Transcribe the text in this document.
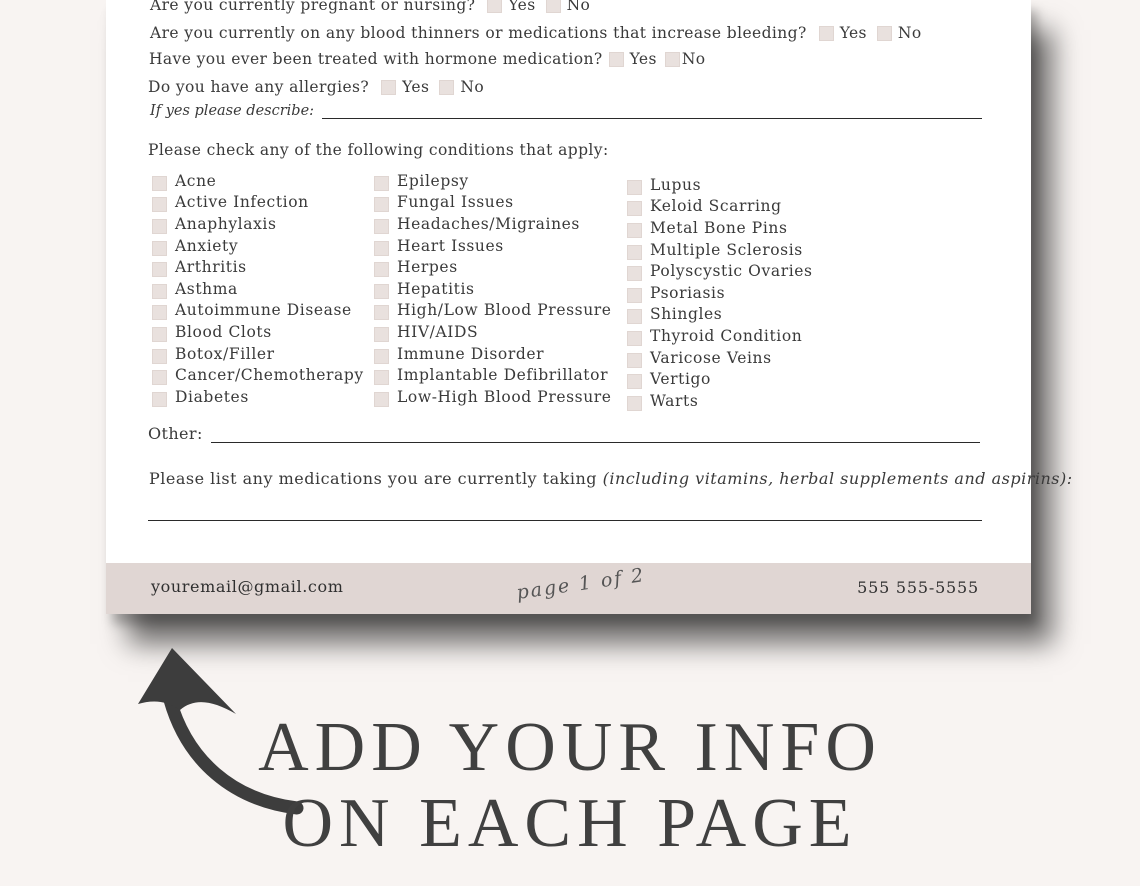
Are you currently pregnant or nursing? Yes No
Are you currently on any blood thinners or medications that increase bleeding? Yes No
Have you ever been treated with hormone medication? Yes No
Do you have any allergies? Yes No
If yes please describe:
Please check any of the following conditions that apply:
Acne
Active Infection
Anaphylaxis
Anxiety
Arthritis
Asthma
Autoimmune Disease
Blood Clots
Botox/Filler
Cancer/Chemotherapy
Diabetes
Epilepsy
Fungal Issues
Headaches/Migraines
Heart Issues
Herpes
Hepatitis
High/Low Blood Pressure
HIV/AIDS
Immune Disorder
Implantable Defibrillator
Low-High Blood Pressure
Lupus
Keloid Scarring
Metal Bone Pins
Multiple Sclerosis
Polyscystic Ovaries
Psoriasis
Shingles
Thyroid Condition
Varicose Veins
Vertigo
Warts
Other:
Please list any medications you are currently taking (including vitamins, herbal supplements and aspirins):
youremail@gmail.com	page 1 of 2	555 555-5555
ADD YOUR INFO
ON EACH PAGE
